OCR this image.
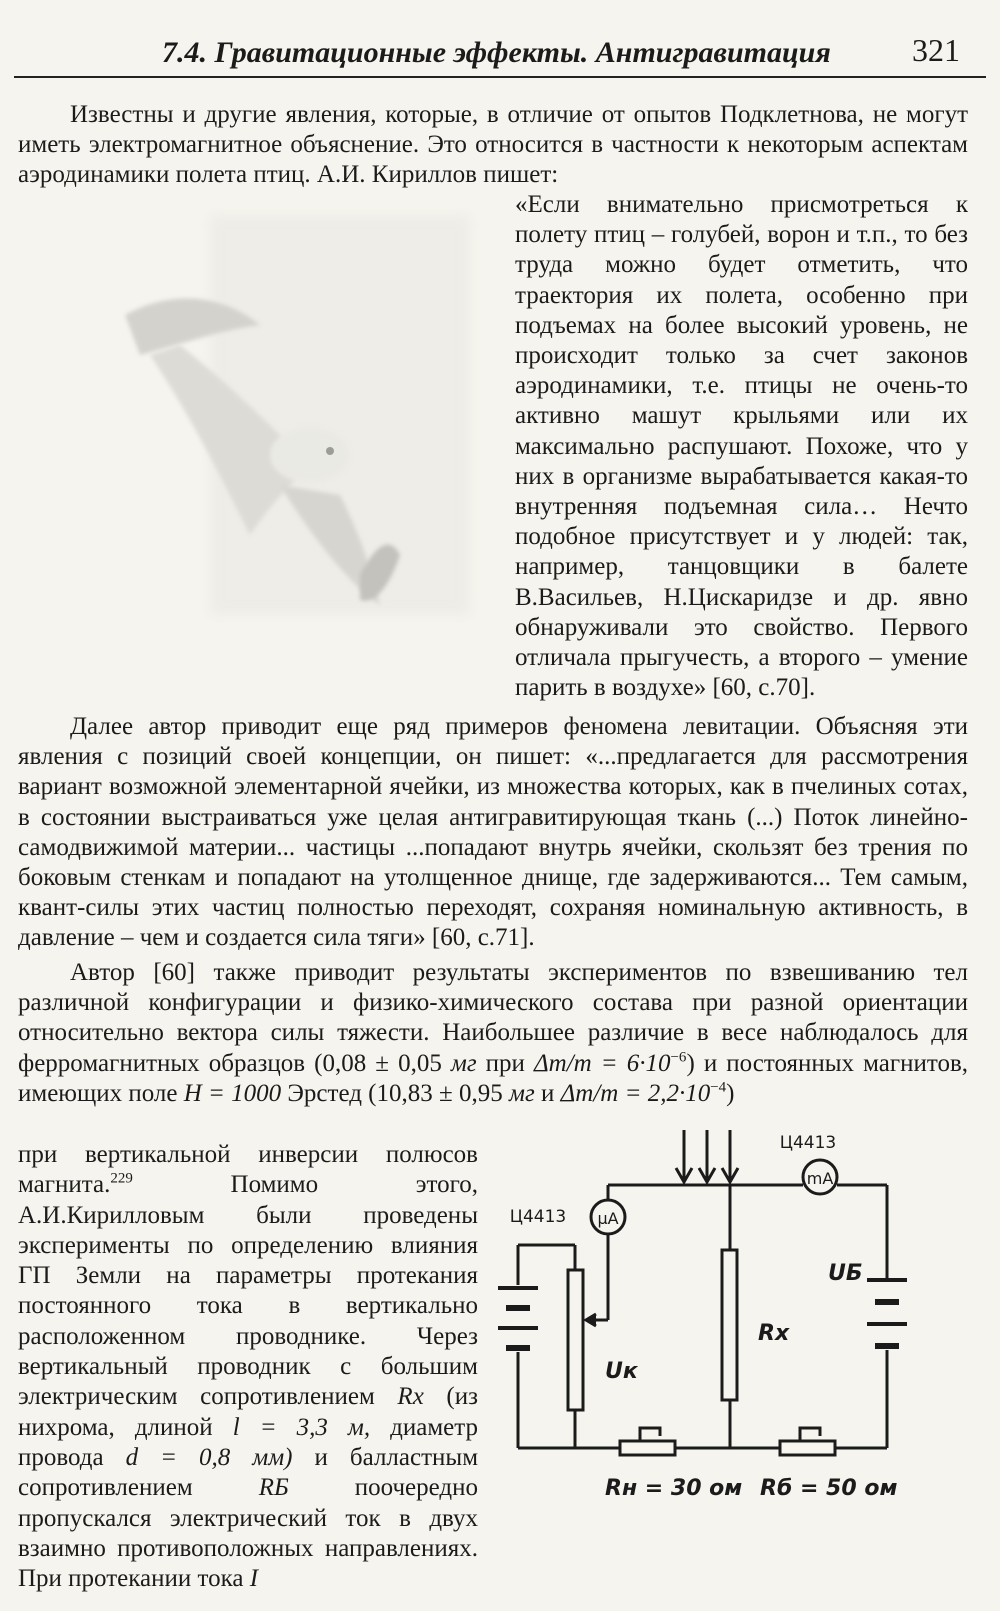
7.4. Гравитационные эффекты. Антигравитация	321

Известны и другие явления, которые, в отличие от опытов Подклетнова, не могут иметь электромагнитное объяснение. Это относится в частности к некоторым аспектам аэродинамики полета птиц. А.И. Кириллов пишет:

«Если внимательно присмотреться к полету птиц – голубей, ворон и т.п., то без труда можно будет отметить, что траектория их полета, особенно при подъемах на более высокий уровень, не происходит только за счет законов аэродинамики, т.е. птицы не очень-то активно машут крыльями или их максимально распушают. Похоже, что у них в организме вырабатывается какая-то внутренняя подъемная сила… Нечто подобное присутствует и у людей: так, например, танцовщики в балете В.Васильев, Н.Цискаридзе и др. явно обнаруживали это свойство. Первого отличала прыгучесть, а второго – умение парить в воздухе» [60, с.70].

Далее автор приводит еще ряд примеров феномена левитации. Объясняя эти явления с позиций своей концепции, он пишет: «...предлагается для рассмотрения вариант возможной элементарной ячейки, из множества которых, как в пчелиных сотах, в состоянии выстраиваться уже целая антигравитирующая ткань (...) Поток линейно-самодвижимой материи... частицы ...попадают внутрь ячейки, скользят без трения по боковым стенкам и попадают на утолщенное днище, где задерживаются... Тем самым, квант-силы этих частиц полностью переходят, сохраняя номинальную активность, в давление – чем и создается сила тяги» [60, с.71].

Автор [60] также приводит результаты экспериментов по взвешиванию тел различной конфигурации и физико-химического состава при разной ориентации относительно вектора силы тяжести. Наибольшее различие в весе наблюдалось для ферромагнитных образцов (0,08 ± 0,05 мг при $\Delta m/m = 6\cdot 10^{-6}$) и постоянных магнитов, имеющих поле H = 1000 Эрстед (10,83 ± 0,95 мг и $\Delta m/m = 2,2\cdot 10^{-4}$)

при вертикальной инверсии полюсов магнита.$^{229}$	Помимо этого, А.И.Кирилловым были проведены эксперименты по определению влияния ГП Земли на параметры протекания постоянного тока в вертикально расположенном проводнике. Через вертикальный проводник с большим электрическим сопротивлением Rх (из нихрома, длиной l = 3,3 м, диаметр провода d = 0,8 мм) и балластным сопротивлением	RБ	поочередно пропускался электрический ток в двух взаимно противоположных направлениях. При протекании тока I

mA
Ц4413
μA
Ц4413
Uк
Rх
UБ
Rн = 30 ом Rб = 50 ом
